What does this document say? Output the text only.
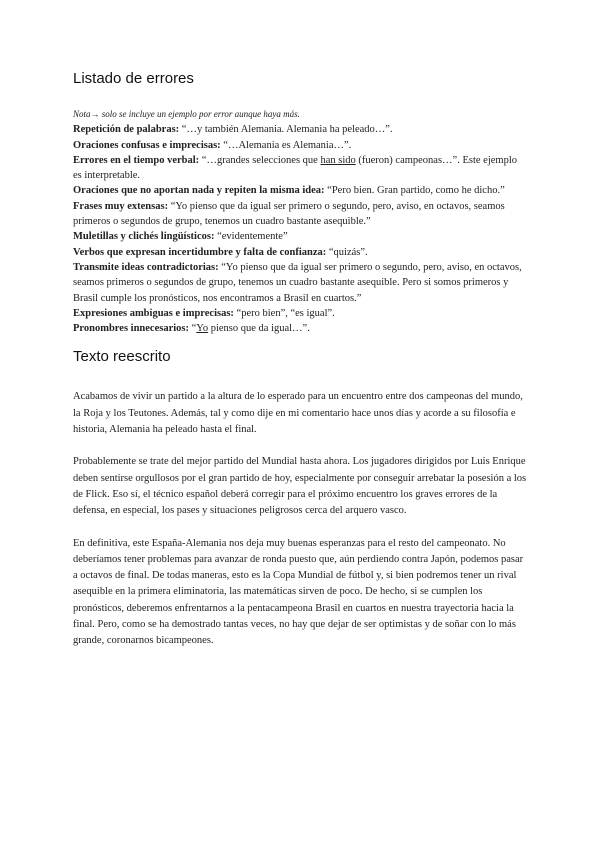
Listado de errores

Nota→ solo se incluye un ejemplo por error aunque haya más.

Repetición de palabras: “…y también Alemania. Alemania ha peleado…”.

Oraciones confusas e imprecisas: “…Alemania es Alemania…”.

Errores en el tiempo verbal: “…grandes selecciones que han sido (fueron) campeonas…”. Este ejemplo es interpretable.

Oraciones que no aportan nada y repiten la misma idea: “Pero bien. Gran partido, como he dicho.”

Frases muy extensas: “Yo pienso que da igual ser primero o segundo, pero, aviso, en octavos, seamos primeros o segundos de grupo, tenemos un cuadro bastante asequible.”

Muletillas y clichés lingüísticos: “evidentemente”

Verbos que expresan incertidumbre y falta de confianza: “quizás”.

Transmite ideas contradictorias: “Yo pienso que da igual ser primero o segundo, pero, aviso, en octavos, seamos primeros o segundos de grupo, tenemos un cuadro bastante asequible. Pero si somos primeros y Brasil cumple los pronósticos, nos encontramos a Brasil en cuartos.”

Expresiones ambiguas e imprecisas: “pero bien”, “es igual”.

Pronombres innecesarios: “Yo pienso que da igual…”.

Texto reescrito

Acabamos de vivir un partido a la altura de lo esperado para un encuentro entre dos campeonas del mundo, la Roja y los Teutones. Además, tal y como dije en mi comentario hace unos días y acorde a su filosofía e historia, Alemania ha peleado hasta el final.

Probablemente se trate del mejor partido del Mundial hasta ahora. Los jugadores dirigidos por Luis Enrique deben sentirse orgullosos por el gran partido de hoy, especialmente por conseguir arrebatar la posesión a los de Flick. Eso sí, el técnico español deberá corregir para el próximo encuentro los graves errores de la defensa, en especial, los pases y situaciones peligrosos cerca del arquero vasco.

En definitiva, este España-Alemania nos deja muy buenas esperanzas para el resto del campeonato. No deberíamos tener problemas para avanzar de ronda puesto que, aún perdiendo contra Japón, podemos pasar a octavos de final. De todas maneras, esto es la Copa Mundial de fútbol y, si bien podremos tener un rival asequible en la primera eliminatoria, las matemáticas sirven de poco. De hecho, si se cumplen los pronósticos, deberemos enfrentarnos a la pentacampeona Brasil en cuartos en nuestra trayectoria hacia la final. Pero, como se ha demostrado tantas veces, no hay que dejar de ser optimistas y de soñar con lo más grande, coronarnos bicampeones.
